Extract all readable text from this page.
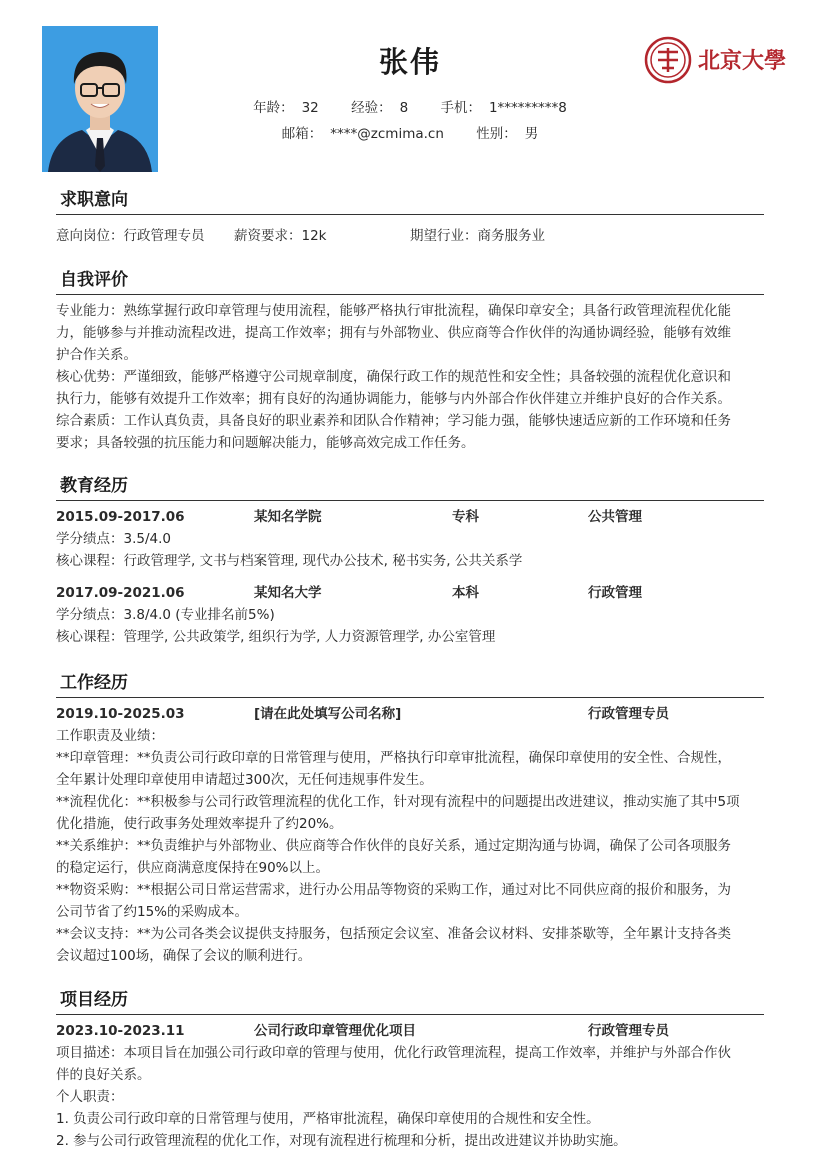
北京大學
张伟
年龄： 32 经验： 8 手机： 1*********8
邮箱： ****@zcmima.cn 性别： 男
求职意向
意向岗位：行政管理专员	薪资要求：12k	期望行业：商务服务业
自我评价
专业能力：熟练掌握行政印章管理与使用流程，能够严格执行审批流程，确保印章安全；具备行政管理流程优化能
力，能够参与并推动流程改进，提高工作效率；拥有与外部物业、供应商等合作伙伴的沟通协调经验，能够有效维
护合作关系。
核心优势：严谨细致，能够严格遵守公司规章制度，确保行政工作的规范性和安全性；具备较强的流程优化意识和
执行力，能够有效提升工作效率；拥有良好的沟通协调能力，能够与内外部合作伙伴建立并维护良好的合作关系。
综合素质：工作认真负责，具备良好的职业素养和团队合作精神；学习能力强，能够快速适应新的工作环境和任务
要求；具备较强的抗压能力和问题解决能力，能够高效完成工作任务。
教育经历
2015.09-2017.06	某知名学院	专科	公共管理
学分绩点：3.5/4.0
核心课程：行政管理学, 文书与档案管理, 现代办公技术, 秘书实务, 公共关系学
2017.09-2021.06	某知名大学	本科	行政管理
学分绩点：3.8/4.0 (专业排名前5%)
核心课程：管理学, 公共政策学, 组织行为学, 人力资源管理学, 办公室管理
工作经历
2019.10-2025.03	[请在此处填写公司名称]	行政管理专员
工作职责及业绩：
**印章管理：**负责公司行政印章的日常管理与使用，严格执行印章审批流程，确保印章使用的安全性、合规性，
全年累计处理印章使用申请超过300次，无任何违规事件发生。
**流程优化：**积极参与公司行政管理流程的优化工作，针对现有流程中的问题提出改进建议，推动实施了其中5项
优化措施，使行政事务处理效率提升了约20%。
**关系维护：**负责维护与外部物业、供应商等合作伙伴的良好关系，通过定期沟通与协调，确保了公司各项服务
的稳定运行，供应商满意度保持在90%以上。
**物资采购：**根据公司日常运营需求，进行办公用品等物资的采购工作，通过对比不同供应商的报价和服务，为
公司节省了约15%的采购成本。
**会议支持：**为公司各类会议提供支持服务，包括预定会议室、准备会议材料、安排茶歇等，全年累计支持各类
会议超过100场，确保了会议的顺利进行。
项目经历
2023.10-2023.11	公司行政印章管理优化项目	行政管理专员
项目描述：本项目旨在加强公司行政印章的管理与使用，优化行政管理流程，提高工作效率，并维护与外部合作伙
伴的良好关系。
个人职责：
1. 负责公司行政印章的日常管理与使用，严格审批流程，确保印章使用的合规性和安全性。
2. 参与公司行政管理流程的优化工作，对现有流程进行梳理和分析，提出改进建议并协助实施。
